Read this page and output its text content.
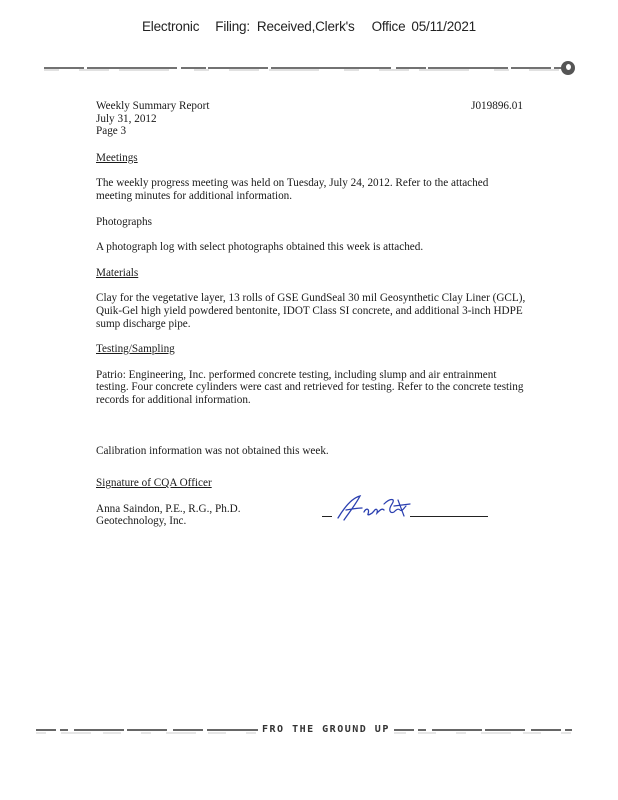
Electronic Filing: Received,Clerk's Office 05/11/2021
Weekly Summary Report
July 31, 2012
Page 3
J019896.01
Meetings

The weekly progress meeting was held on Tuesday, July 24, 2012. Refer to the attached meeting minutes for additional information.

Photographs

A photograph log with select photographs obtained this week is attached.

Materials

Clay for the vegetative layer, 13 rolls of GSE GundSeal 30 mil Geosynthetic Clay Liner (GCL), Quik-Gel high yield powdered bentonite, IDOT Class SI concrete, and additional 3-inch HDPE sump discharge pipe.

Testing/Sampling

Patrio: Engineering, Inc. performed concrete testing, including slump and air entrainment testing. Four concrete cylinders were cast and retrieved for testing. Refer to the concrete testing records for additional information.

Calibration information was not obtained this week.

Signature of CQA Officer
Anna Saindon, P.E., R.G., Ph.D.
Geotechnology, Inc.
FRO THE GROUND UP
